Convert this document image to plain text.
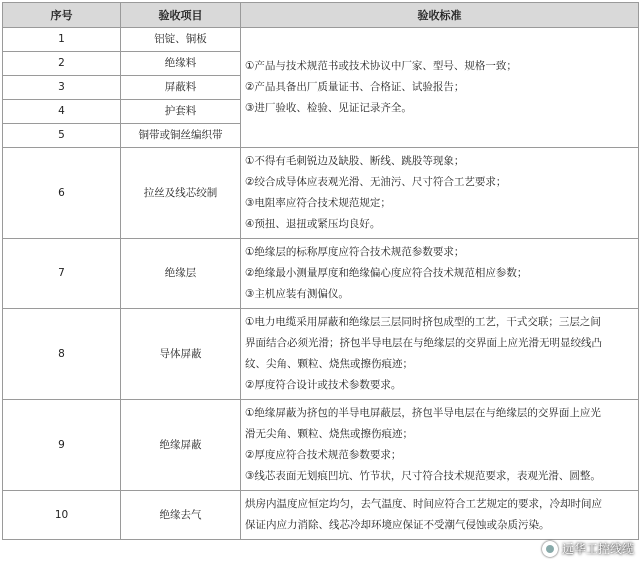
序号	验收项目	验收标准
1	铝锭、铜板	①产品与技术规范书或技术协议中厂家、型号、规格一致；
②产品具备出厂质量证书、合格证、试验报告；
③进厂验收、检验、见证记录齐全。

2	绝缘料	
3	屏蔽料	
4	护套料	
5	铜带或铜丝编织带	
6	拉丝及线芯绞制	①不得有毛刺锐边及缺股、断线、跳股等现象；
②绞合成导体应表观光滑、无油污、尺寸符合工艺要求；
③电阻率应符合技术规范规定；
④预扭、退扭或紧压均良好。

7	绝缘层	①绝缘层的标称厚度应符合技术规范参数要求；
②绝缘最小测量厚度和绝缘偏心度应符合技术规范相应参数；
③主机应装有测偏仪。

8	导体屏蔽	①电力电缆采用屏蔽和绝缘层三层同时挤包成型的工艺，干式交联；三层之间
界面结合必须光滑；挤包半导电层在与绝缘层的交界面上应光滑无明显绞线凸
纹、尖角、颗粒、烧焦或擦伤痕迹；
②厚度符合设计或技术参数要求。

9	绝缘屏蔽	①绝缘屏蔽为挤包的半导电屏蔽层，挤包半导电层在与绝缘层的交界面上应光
滑无尖角、颗粒、烧焦或擦伤痕迹；
②厚度应符合技术规范参数要求；
③线芯表面无划痕凹坑、竹节状，尺寸符合技术规范要求，表观光滑、圆整。

10	绝缘去气	烘房内温度应恒定均匀，去气温度、时间应符合工艺规定的要求，冷却时间应
保证内应力消除、线芯冷却环境应保证不受潮气侵蚀或杂质污染。
远华工控线缆
